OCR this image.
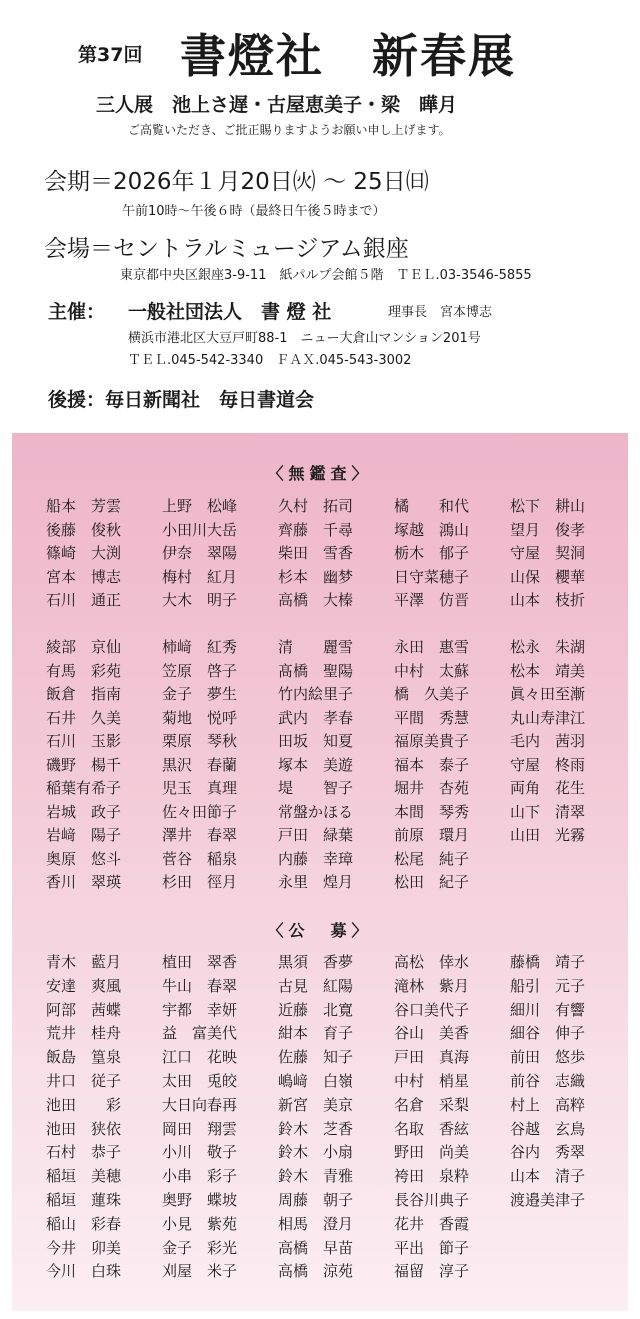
第37回 書燈社　新春展
三人展　池上さ遅・古屋恵美子・梁　曄月
ご高覧いただき、ご批正賜りますようお願い申し上げます。
会期＝2026年１月20日㈫ ～ 25日㈰
午前10時～午後６時（最終日午後５時まで）
会場＝セントラルミュージアム銀座
東京都中央区銀座3-9-11　紙パルプ会館５階　ＴＥＬ.03-3546-5855
主催： 一般社団法人　書 燈 社	理事長　宮本博志
横浜市港北区大豆戸町88-1　ニュー大倉山マンション201号
ＴＥＬ.045-542-3340　ＦＡＸ.045-543-3002
後援：毎日新聞社　毎日書道会
〈無鑑査〉
船本　芳雲	上野　松峰	久村　拓司	橘　　和代	松下　耕山
後藤　俊秋	小田川大岳	齊藤　千尋	塚越　鴻山	望月　俊孝
篠崎　大渕	伊奈　翠陽	柴田　雪香	栃木　郁子	守屋　契洞
宮本　博志	梅村　紅月	杉本　幽梦	日守菜穂子	山保　櫻華
石川　通正	大木　明子	高橋　大榛	平澤　仿晋	山本　枝折
綾部　京仙	柿﨑　紅秀	清　　麗雪	永田　惠雪	松永　朱湖
有馬　彩苑	笠原　啓子	髙橋　聖陽	中村　太蘇	松本　靖美
飯倉　指南	金子　夢生	竹内絵里子	橋　久美子	眞々田至漸
石井　久美	菊地　悦呼	武内　孝春	平間　秀慧	丸山寿津江
石川　玉影	栗原　琴秋	田坂　知夏	福原美貴子	毛内　茜羽
磯野　楊千	黒沢　春蘭	塚本　美遊	福本　泰子	守屋　柊雨
稲葉有希子	児玉　真理	堤　　智子	堀井　杏苑	両角　花生
岩城　政子	佐々田節子	常盤かほる	本間　琴秀	山下　清翠
岩﨑　陽子	澤井　春翠	戸田　緑葉	前原　環月	山田　光霧
奥原　悠斗	菅谷　稲泉	内藤　幸璋	松尾　純子
香川　翠瑛	杉田　徑月	永里　煌月	松田　紀子
〈公　募〉
青木　藍月	植田　翠香	黒須　香夢	高松　倖水	藤橋　靖子
安達　爽風	牛山　春翠	古見　紅陽	滝林　紫月	船引　元子
阿部　茜蝶	宇都　幸妍	近藤　北寛	谷口美代子	細川　有響
荒井　桂舟	益　富美代	紺本　育子	谷山　美香	細谷　伸子
飯島　篁泉	江口　花映	佐藤　知子	戸田　真海	前田　悠歩
井口　従子	太田　兎皎	嶋﨑　白嶺	中村　梢星	前谷　志織
池田　　彩	大日向春再	新宮　美京	名倉　采梨	村上　高粹
池田　狭依	岡田　翔雲	鈴木　芝香	名取　香絃	谷越　玄鳥
石村　恭子	小川　敬子	鈴木　小扇	野田　尚美	谷内　秀翠
稲垣　美穂	小串　彩子	鈴木　青雅	袴田　泉粋	山本　清子
稲垣　蓮珠	奥野　蝶坡	周藤　朝子	長谷川典子	渡邉美津子
稲山　彩春	小見　紫苑	相馬　澄月	花井　香霞
今井　卯美	金子　彩光	高橋　早苗	平出　節子
今川　白珠	刈屋　米子	高橋　涼苑	福留　淳子
